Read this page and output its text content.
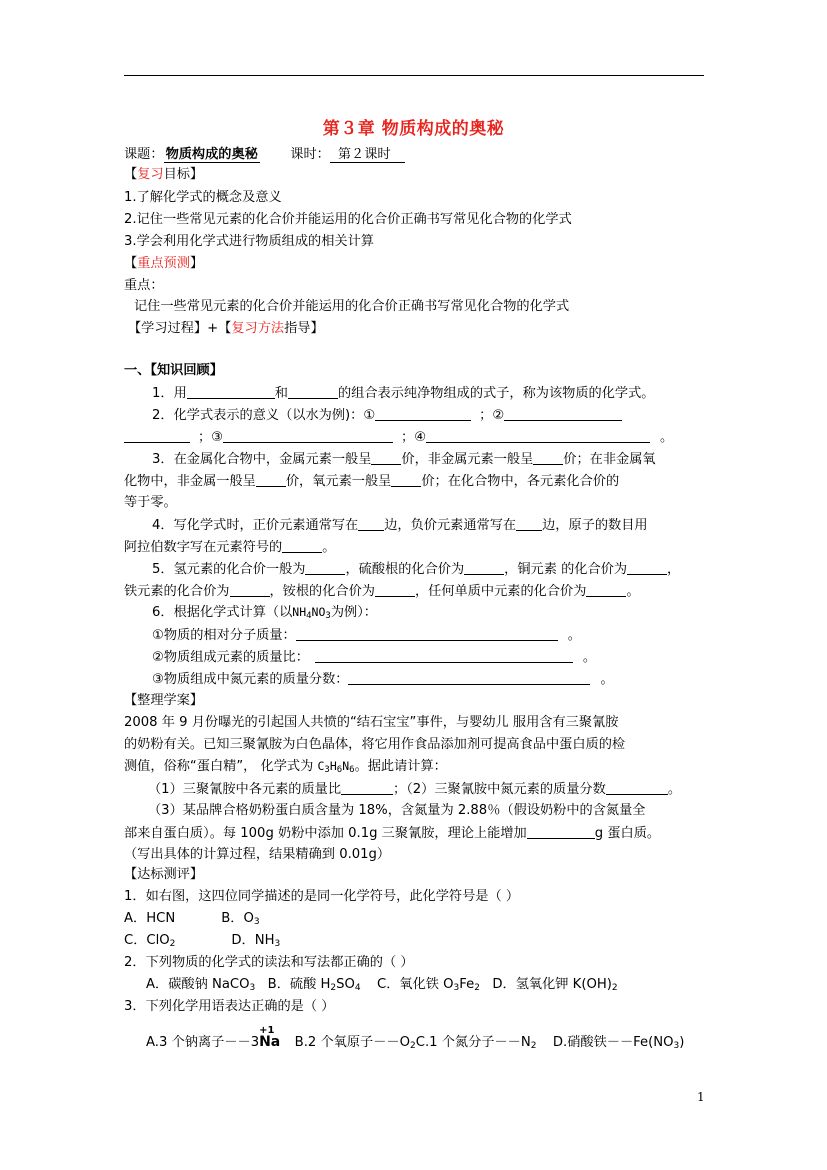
第３章 物质构成的奥秘
课题： 物质构成的奥秘 课时： 第２课时
【复习目标】
1.了解化学式的概念及意义
2.记住一些常见元素的化合价并能运用的化合价正确书写常见化合物的化学式
3.学会利用化学式进行物质组成的相关计算
【重点预测】
重点：
记住一些常见元素的化合价并能运用的化合价正确书写常见化合物的化学式
【学习过程】+【复习方法指导】
一、【知识回顾】
1．用	和	的组合表示纯净物组成的式子，称为该物质的化学式。
2．化学式表示的意义（以水为例)：①	；②
；③	；④	。
3．在金属化合物中，金属元素一般呈 价，非金属元素一般呈 价；在非金属氧
化物中，非金属一般呈 价，氧元素一般呈 价；在化合物中，各元素化合价的
等于零。
4．写化学式时，正价元素通常写在 边，负价元素通常写在 边，原子的数目用
阿拉伯数字写在元素符号的	。
5．氢元素的化合价一般为	，硫酸根的化合价为	，铜元素 的化合价为	，
铁元素的化合价为	，铵根的化合价为	，任何单质中元素的化合价为	。
6．根据化学式计算（以$NH_4NO_3$为例）：
①物质的相对分子质量：	。
②物质组成元素的质量比：	。
③物质组成中氮元素的质量分数：	。
【整理学案】
2008 年 9 月份曝光的引起国人共愤的“结石宝宝”事件，与婴幼儿 服用含有三聚氰胺
的奶粉有关。已知三聚氰胺为白色晶体，将它用作食品添加剂可提高食品中蛋白质的检
测值，俗称“蛋白精”， 化学式为 $C_3H_6N_6$。据此请计算：
（1）三聚氰胺中各元素的质量比	；（2）三聚氰胺中氮元素的质量分数	。
（3）某品牌合格奶粉蛋白质含量为 18%，含氮量为 2.88％（假设奶粉中的含氮量全
部来自蛋白质）。每 100g 奶粉中添加 0.1g 三聚氰胺，理论上能增加	g 蛋白质。
（写出具体的计算过程，结果精确到 0.01g）
【达标测评】
1．如右图，这四位同学描述的是同一化学符号，此化学符号是（ ）
A．HCN	B．$O_3$
C．ClO$_2$	D．$NH_3$
2．下列物质的化学式的读法和写法都正确的（ ）
A．碳酸钠 NaCO$_3$ B．硫酸 $H_2SO_4$ C．氧化铁 $O_3Fe_2$ D．氢氧化钾 $K(OH)_2$
3．下列化学用语表达正确的是（ ）
A.3 个钠离子－－3
+1
Na B.2 个氧原子$--O_2C.1$ 个氮分子$--N_2$ D.硝酸铁$--Fe(NO_3)$
1
